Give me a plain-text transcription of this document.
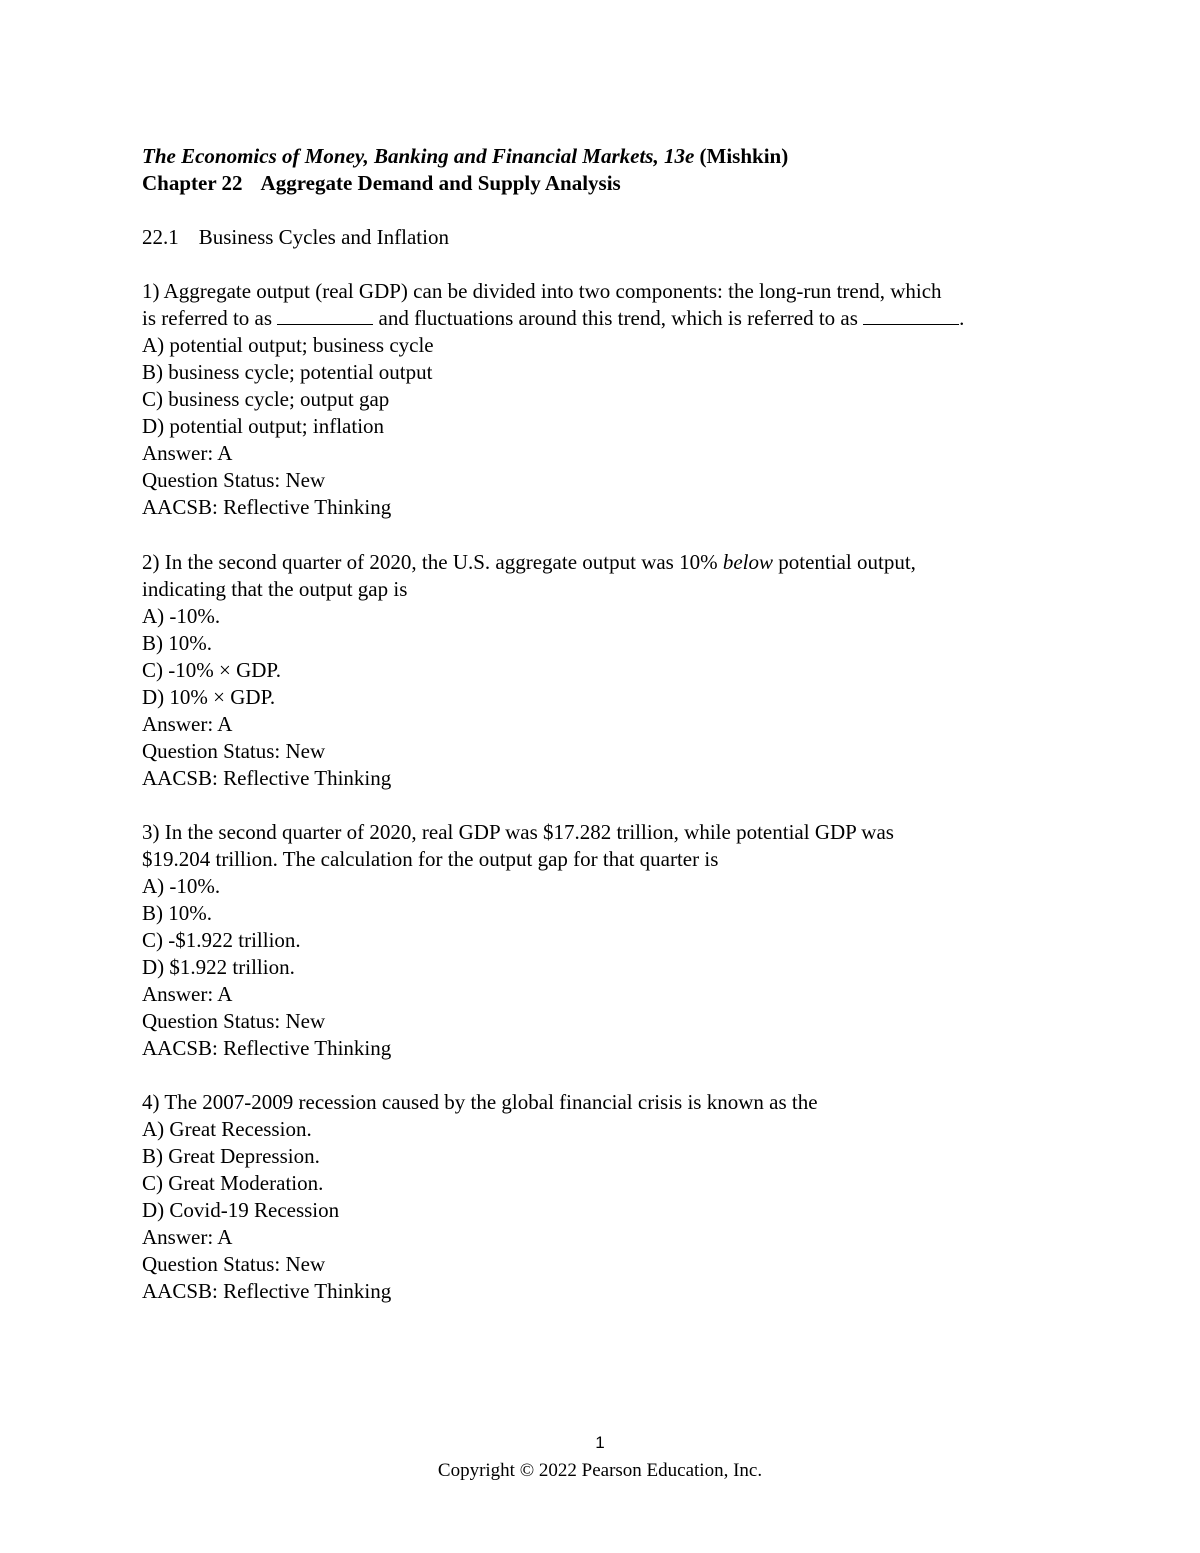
The Economics of Money, Banking and Financial Markets, 13e (Mishkin)
Chapter 22 Aggregate Demand and Supply Analysis
22.1 Business Cycles and Inflation
1) Aggregate output (real GDP) can be divided into two components: the long-run trend, which
is referred to as	and fluctuations around this trend, which is referred to as	.
A) potential output; business cycle
B) business cycle; potential output
C) business cycle; output gap
D) potential output; inflation
Answer: A
Question Status: New
AACSB: Reflective Thinking
2) In the second quarter of 2020, the U.S. aggregate output was 10% below potential output,
indicating that the output gap is
A) -10%.
B) 10%.
C) -10% × GDP.
D) 10% × GDP.
Answer: A
Question Status: New
AACSB: Reflective Thinking
3) In the second quarter of 2020, real GDP was $17.282 trillion, while potential GDP was
$19.204 trillion. The calculation for the output gap for that quarter is
A) -10%.
B) 10%.
C) -$1.922 trillion.
D) $1.922 trillion.
Answer: A
Question Status: New
AACSB: Reflective Thinking
4) The 2007-2009 recession caused by the global financial crisis is known as the
A) Great Recession.
B) Great Depression.
C) Great Moderation.
D) Covid-19 Recession
Answer: A
Question Status: New
AACSB: Reflective Thinking
1
Copyright © 2022 Pearson Education, Inc.
